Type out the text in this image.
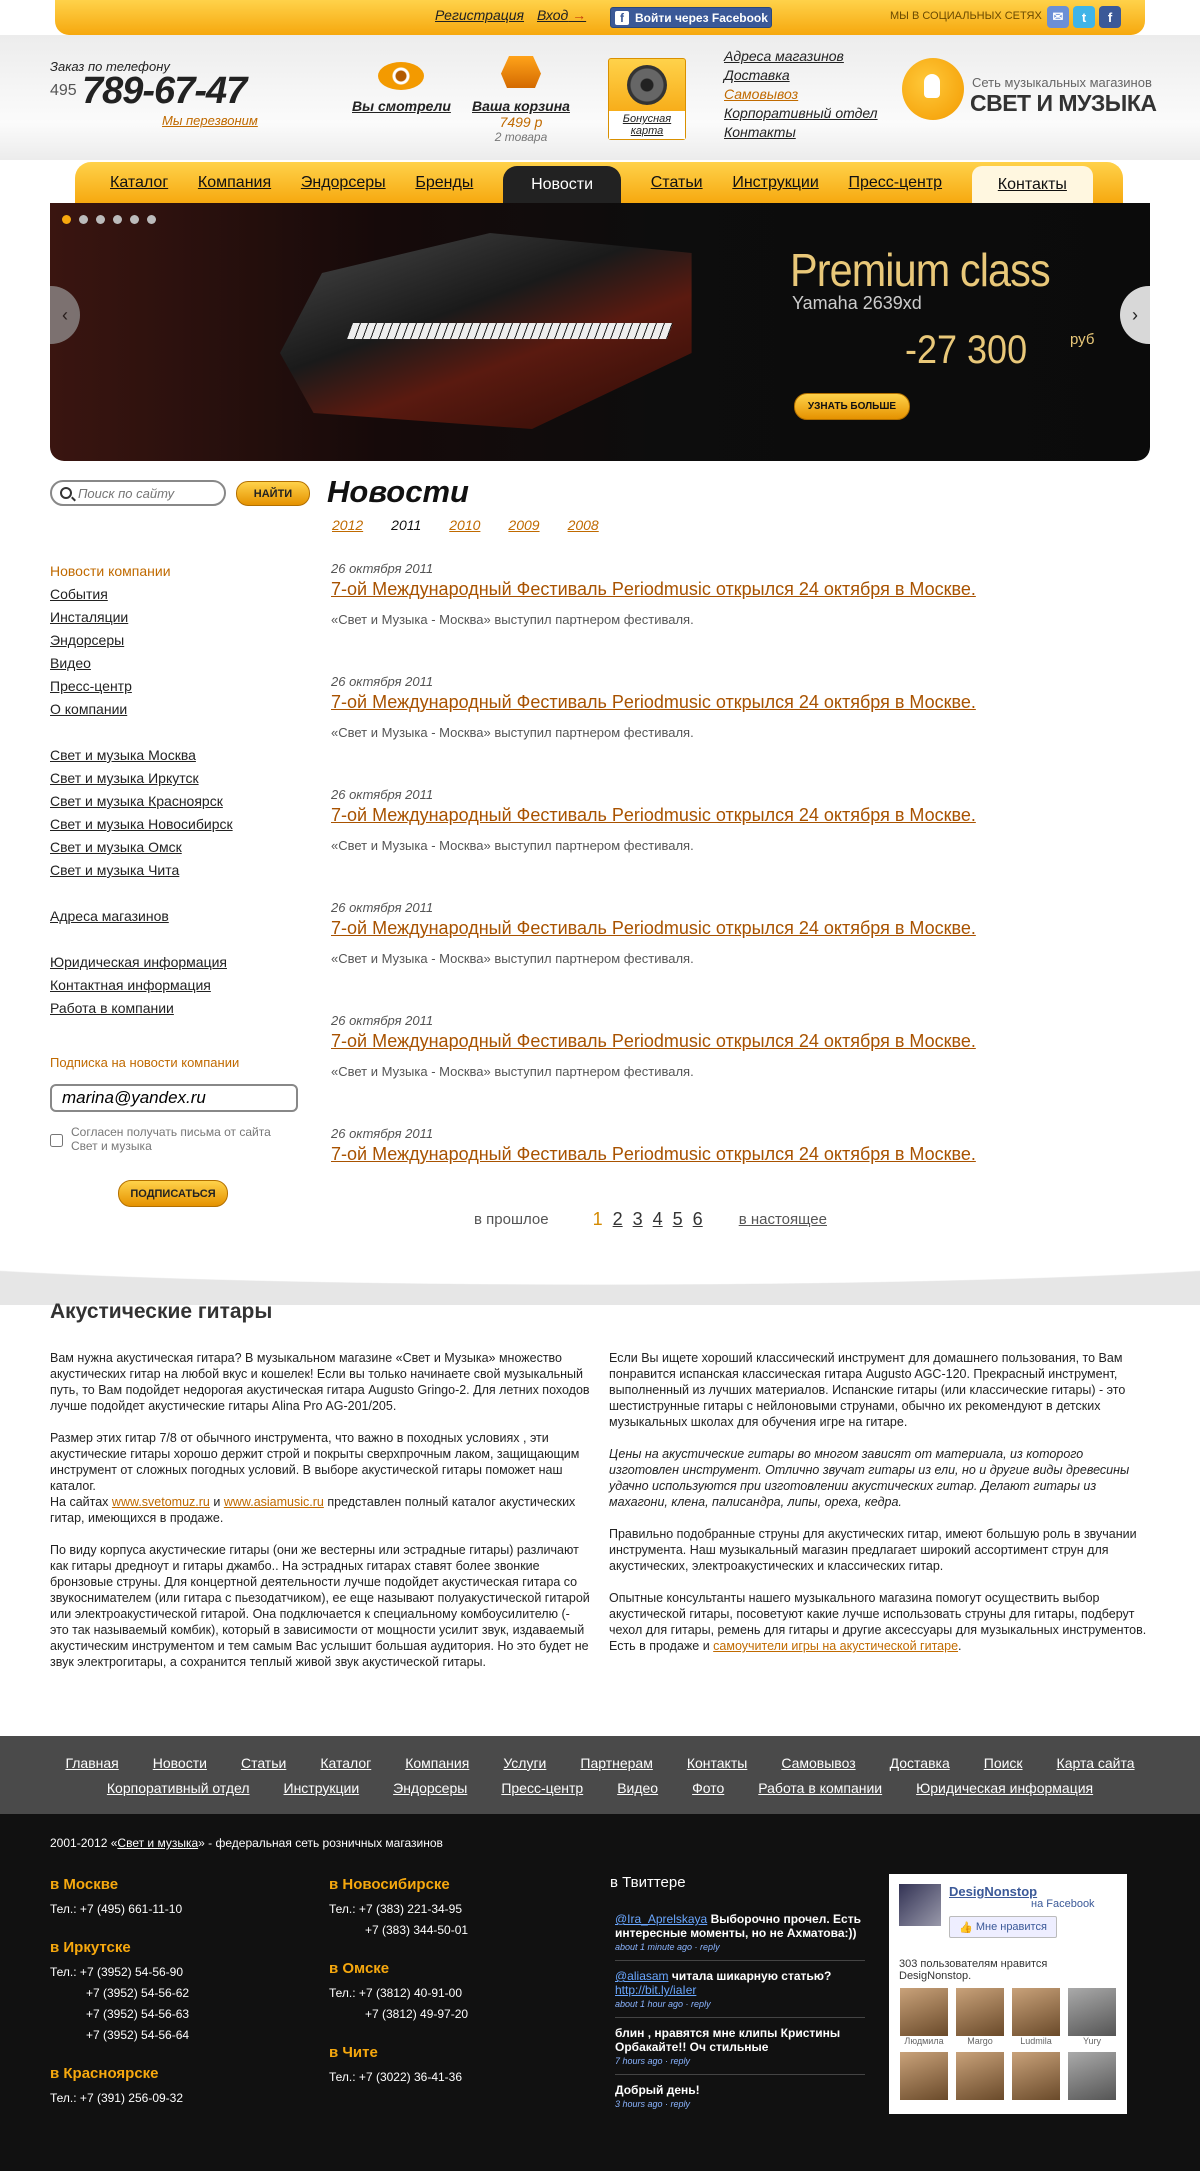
Регистрация Вход →	f Войти через Facebook	МЫ В СОЦИАЛЬНЫХ СЕТЯХ ✉	t	f
Заказ по телефону
495 789-67-47
Мы перезвоним
Вы смотрели Ваша корзина
7499 р
2 товара
Бонусная
карта
Адреса магазинов
Доставка
Самовывоз
Корпоративный отдел
Контакты
Сеть музыкальных магазинов
СВЕТ И МУЗЫКА
Каталог Компания Эндорсеры Бренды	Новости	Статьи Инструкции Пресс-центр	Контакты
Premium class
Yamaha 2639xd
-27 300	руб
УЗНАТЬ БОЛЬШЕ
‹	›
Поиск по сайту
НАЙТИ
Новости компании
События
Инсталяции
Эндорсеры
Видео
Пресс-центр
О компании
Свет и музыка Москва
Свет и музыка Иркутск
Свет и музыка Красноярск
Свет и музыка Новосибирск
Свет и музыка Омск
Свет и музыка Чита
Адреса магазинов
Юридическая информация
Контактная информация
Работа в компании
Подписка на новости компании
marina@yandex.ru
Согласен получать письма от сайта Свет и музыка
ПОДПИСАТЬСЯ
Новости
2012 2011 2010 2009 2008
26 октября 2011
7-ой Международный Фестиваль Periodmusic открылся 24 октября в Москве.
«Свет и Музыка - Москва» выступил партнером фестиваля.
26 октября 2011
7-ой Международный Фестиваль Periodmusic открылся 24 октября в Москве.
«Свет и Музыка - Москва» выступил партнером фестиваля.
26 октября 2011
7-ой Международный Фестиваль Periodmusic открылся 24 октября в Москве.
«Свет и Музыка - Москва» выступил партнером фестиваля.
26 октября 2011
7-ой Международный Фестиваль Periodmusic открылся 24 октября в Москве.
«Свет и Музыка - Москва» выступил партнером фестиваля.
26 октября 2011
7-ой Международный Фестиваль Periodmusic открылся 24 октября в Москве.
«Свет и Музыка - Москва» выступил партнером фестиваля.
26 октября 2011
7-ой Международный Фестиваль Periodmusic открылся 24 октября в Москве.
в прошлое 1 2 3 4 5 6 в настоящее
Акустические гитары

Вам нужна акустическая гитара? В музыкальном магазине «Свет и Музыка» множество акустических гитар на любой вкус и кошелек! Если вы только начинаете свой музыкальный путь, то Вам подойдет недорогая акустическая гитара Augusto Gringo-2. Для летних походов лучше подойдет акустические гитары Alina Pro AG-201/205.

Размер этих гитар 7/8 от обычного инструмента, что важно в походных условиях , эти акустические гитары хорошо держит строй и покрыты сверхпрочным лаком, защищающим инструмент от сложных погодных условий. В выборе акустической гитары поможет наш каталог.
На сайтах www.svetomuz.ru и www.asiamusic.ru представлен полный каталог акустических гитар, имеющихся в продаже.

По виду корпуса акустические гитары (они же вестерны или эстрадные гитары) различают как гитары дредноут и гитары джамбо.. На эстрадных гитарах ставят более звонкие бронзовые струны. Для концертной деятельности лучше подойдет акустическая гитара со звукоснимателем (или гитара с пьезодатчиком), ее еще называют полуакустической гитарой или электроакустической гитарой. Она подключается к специальному комбоусилителю (- это так называемый комбик), который в зависимости от мощности усилит звук, издаваемый акустическим инструментом и тем самым Вас услышит большая аудитория. Но это будет не звук электрогитары, а сохранится теплый живой звук акустической гитары.

Если Вы ищете хороший классический инструмент для домашнего пользования, то Вам понравится испанская классическая гитара Augusto AGC-120. Прекрасный инструмент, выполненный из лучших материалов. Испанские гитары (или классические гитары) - это шестиструнные гитары с нейлоновыми струнами, обычно их рекомендуют в детских музыкальных школах для обучения игре на гитаре.

Цены на акустические гитары во многом зависят от материала, из которого изготовлен инструмент. Отлично звучат гитары из ели, но и другие виды древесины удачно используются при изготовлении акустических гитар. Делают гитары из махагони, клена, палисандра, липы, ореха, кедра.

Правильно подобранные струны для акустических гитар, имеют большую роль в звучании инструмента. Наш музыкальный магазин предлагает широкий ассортимент струн для акустических, электроакустических и классических гитар.

Опытные консультанты нашего музыкального магазина помогут осуществить выбор акустической гитары, посоветуют какие лучше использовать струны для гитары, подберут чехол для гитары, ремень для гитары и другие аксессуары для музыкальных инструментов. Есть в продаже и самоучители игры на акустической гитаре.

Главная Новости Статьи Каталог Компания Услуги Партнерам Контакты Самовывоз Доставка Поиск Карта сайта
Корпоративный отдел Инструкции Эндорсеры Пресс-центр Видео Фото Работа в компании Юридическая информация
2001-2012 «Свет и музыка» - федеральная сеть розничных магазинов
в Москве
Тел.: +7 (495) 661-11-10
в Иркутске
Тел.: +7 (3952) 54-56-90
+7 (3952) 54-56-62
+7 (3952) 54-56-63
+7 (3952) 54-56-64
в Красноярске
Тел.: +7 (391) 256-09-32
в Новосибирске
Тел.: +7 (383) 221-34-95
+7 (383) 344-50-01
в Омске
Тел.: +7 (3812) 40-91-00
+7 (3812) 49-97-20
в Чите
Тел.: +7 (3022) 36-41-36
в Твиттере
@Ira_Aprelskaya Выборочно прочел. Есть интересные моменты, но не Ахматова:))
about 1 minute ago · reply
@aliasam читала шикарную статью?
http://bit.ly/iaIer
about 1 hour ago · reply
блин , нравятся мне клипы Кристины Орбакайте!! Оч стильные
7 hours ago · reply
Добрый день!
3 hours ago · reply
DesigNonstop
на Facebook
👍 Мне нравится
303 пользователям нравится DesigNonstop.
Людмила	Margo	Ludmila	Yury
